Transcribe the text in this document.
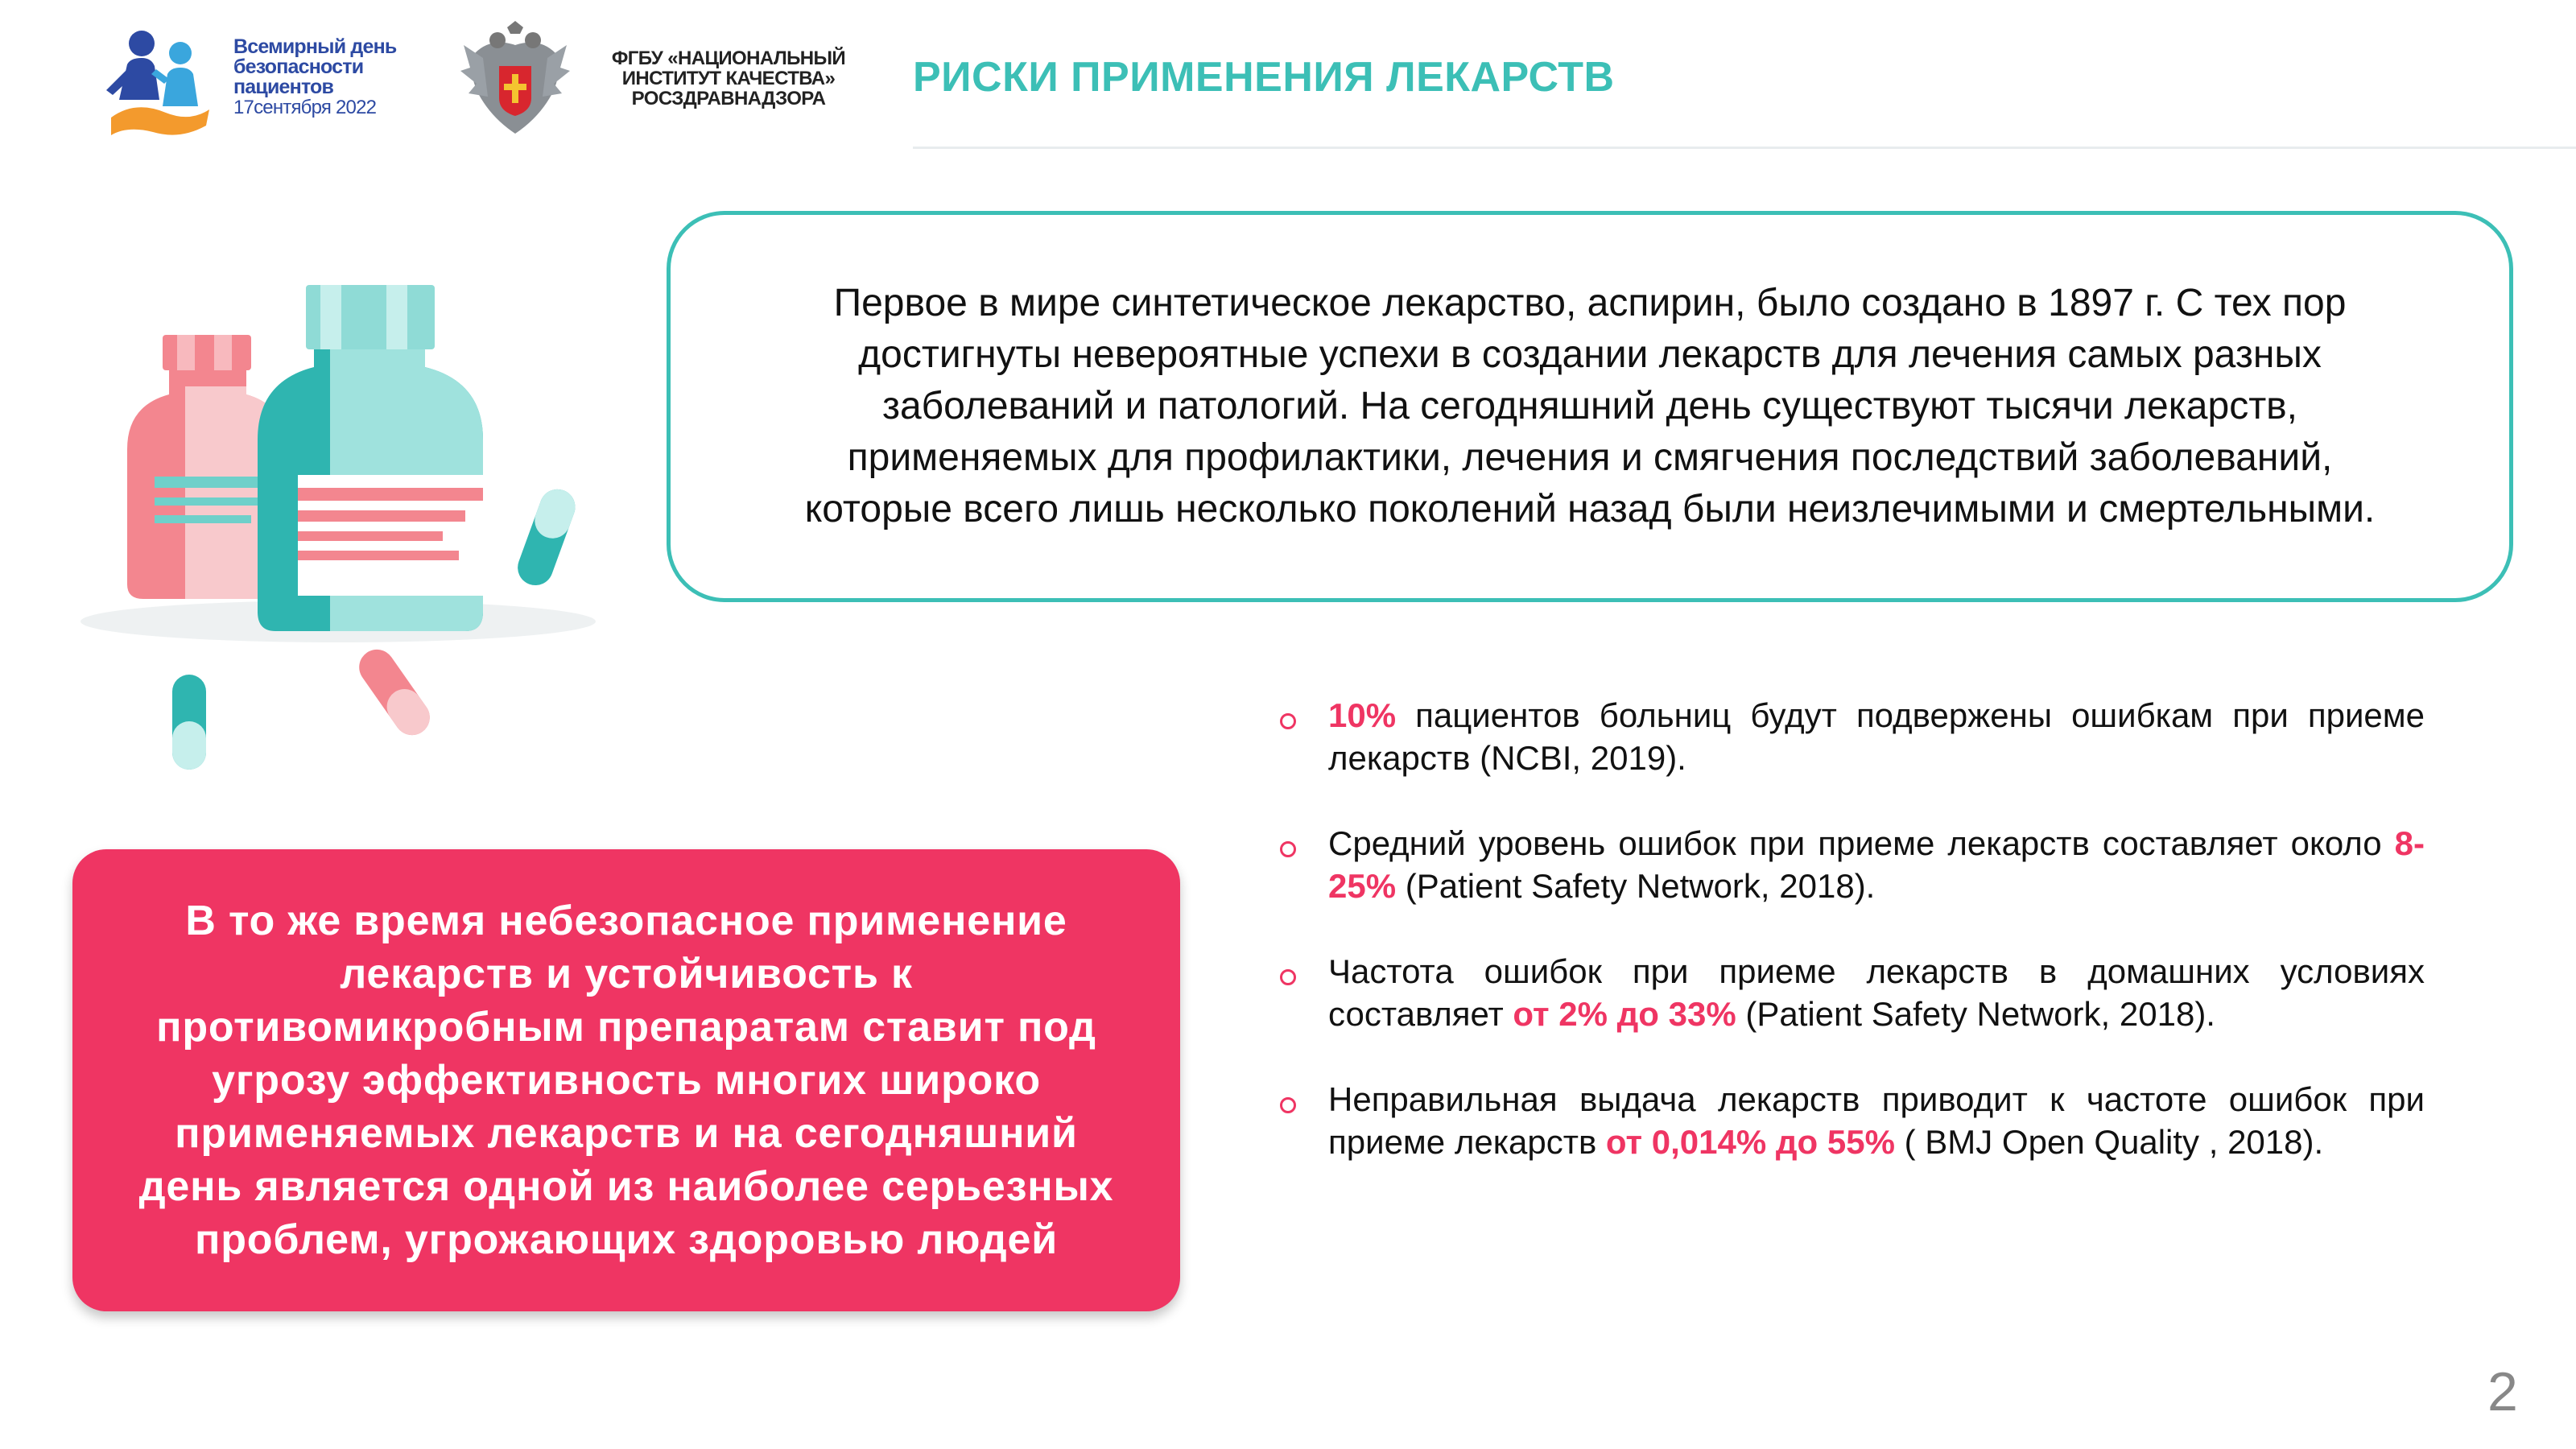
Всемирный день
безопасности
пациентов
17сентября 2022
ФГБУ «НАЦИОНАЛЬНЫЙ
ИНСТИТУТ КАЧЕСТВА»
РОСЗДРАВНАДЗОРА	РИСКИ ПРИМЕНЕНИЯ ЛЕКАРСТВ

Первое в мире синтетическое лекарство, аспирин, было создано в 1897 г. С тех пор
достигнуты невероятные успехи в создании лекарств для лечения самых разных
заболеваний и патологий. На сегодняшний день существуют тысячи лекарств,
применяемых для профилактики, лечения и смягчения последствий заболеваний,
которые всего лишь несколько поколений назад были неизлечимыми и смертельными.

В то же время небезопасное применение
лекарств и устойчивость к
противомикробным препаратам ставит под
угрозу эффективность многих широко
применяемых лекарств и на сегодняшний
день является одной из наиболее серьезных
проблем, угрожающих здоровью людей

10% пациентов больниц будут подвержены ошибкам при приеме лекарств (NCBI, 2019).
Средний уровень ошибок при приеме лекарств составляет около 8-25% (Patient Safety Network, 2018).
Частота ошибок при приеме лекарств в домашних условиях составляет от 2% до 33% (Patient Safety Network, 2018).
Неправильная выдача лекарств приводит к частоте ошибок при приеме лекарств от 0,014% до 55% ( BMJ Open Quality , 2018).
2
